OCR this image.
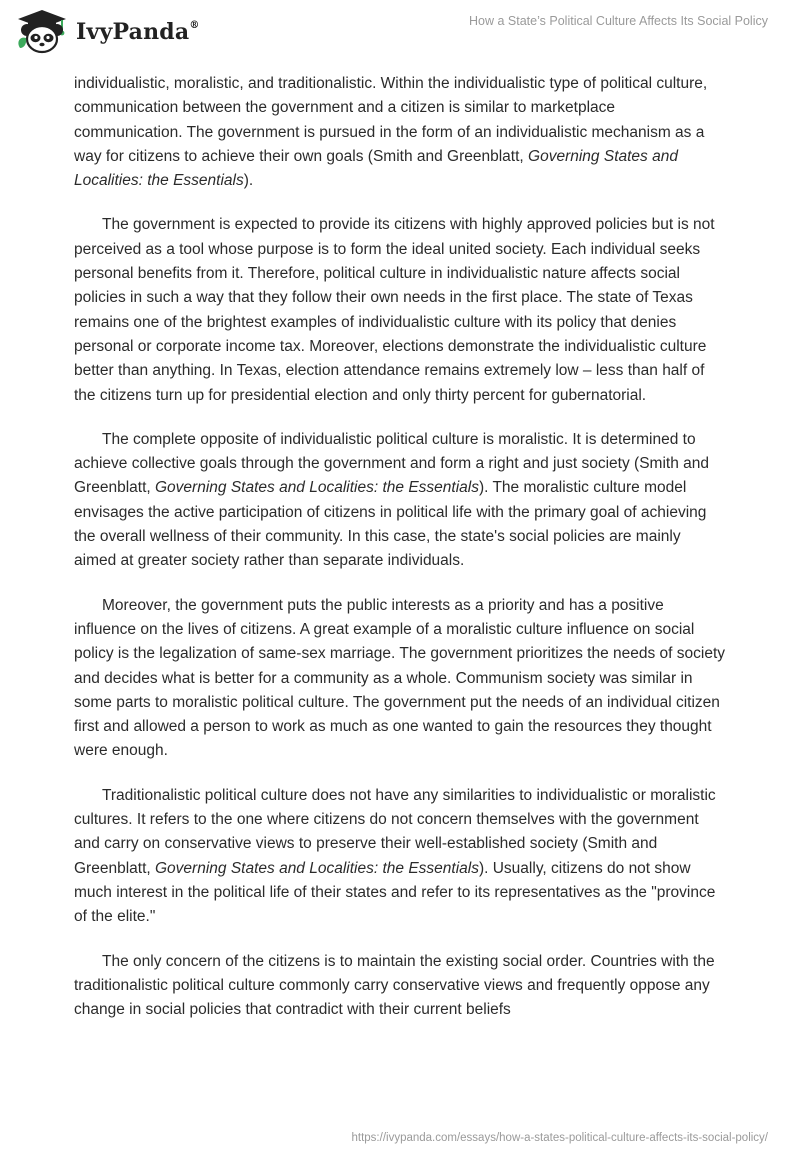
IvyPanda®	How a State’s Political Culture Affects Its Social Policy

individualistic, moralistic, and traditionalistic. Within the individualistic type of political culture, communication between the government and a citizen is similar to marketplace communication. The government is pursued in the form of an individualistic mechanism as a way for citizens to achieve their own goals (Smith and Greenblatt, Governing States and Localities: the Essentials).

The government is expected to provide its citizens with highly approved policies but is not perceived as a tool whose purpose is to form the ideal united society. Each individual seeks personal benefits from it. Therefore, political culture in individualistic nature affects social policies in such a way that they follow their own needs in the first place. The state of Texas remains one of the brightest examples of individualistic culture with its policy that denies personal or corporate income tax. Moreover, elections demonstrate the individualistic culture better than anything. In Texas, election attendance remains extremely low – less than half of the citizens turn up for presidential election and only thirty percent for gubernatorial.

The complete opposite of individualistic political culture is moralistic. It is determined to achieve collective goals through the government and form a right and just society (Smith and Greenblatt, Governing States and Localities: the Essentials). The moralistic culture model envisages the active participation of citizens in political life with the primary goal of achieving the overall wellness of their community. In this case, the state's social policies are mainly aimed at greater society rather than separate individuals.

Moreover, the government puts the public interests as a priority and has a positive influence on the lives of citizens. A great example of a moralistic culture influence on social policy is the legalization of same-sex marriage. The government prioritizes the needs of society and decides what is better for a community as a whole. Communism society was similar in some parts to moralistic political culture. The government put the needs of an individual citizen first and allowed a person to work as much as one wanted to gain the resources they thought were enough.

Traditionalistic political culture does not have any similarities to individualistic or moralistic cultures. It refers to the one where citizens do not concern themselves with the government and carry on conservative views to preserve their well-established society (Smith and Greenblatt, Governing States and Localities: the Essentials). Usually, citizens do not show much interest in the political life of their states and refer to its representatives as the "province of the elite."

The only concern of the citizens is to maintain the existing social order. Countries with the traditionalistic political culture commonly carry conservative views and frequently oppose any change in social policies that contradict with their current beliefs

https://ivypanda.com/essays/how-a-states-political-culture-affects-its-social-policy/
